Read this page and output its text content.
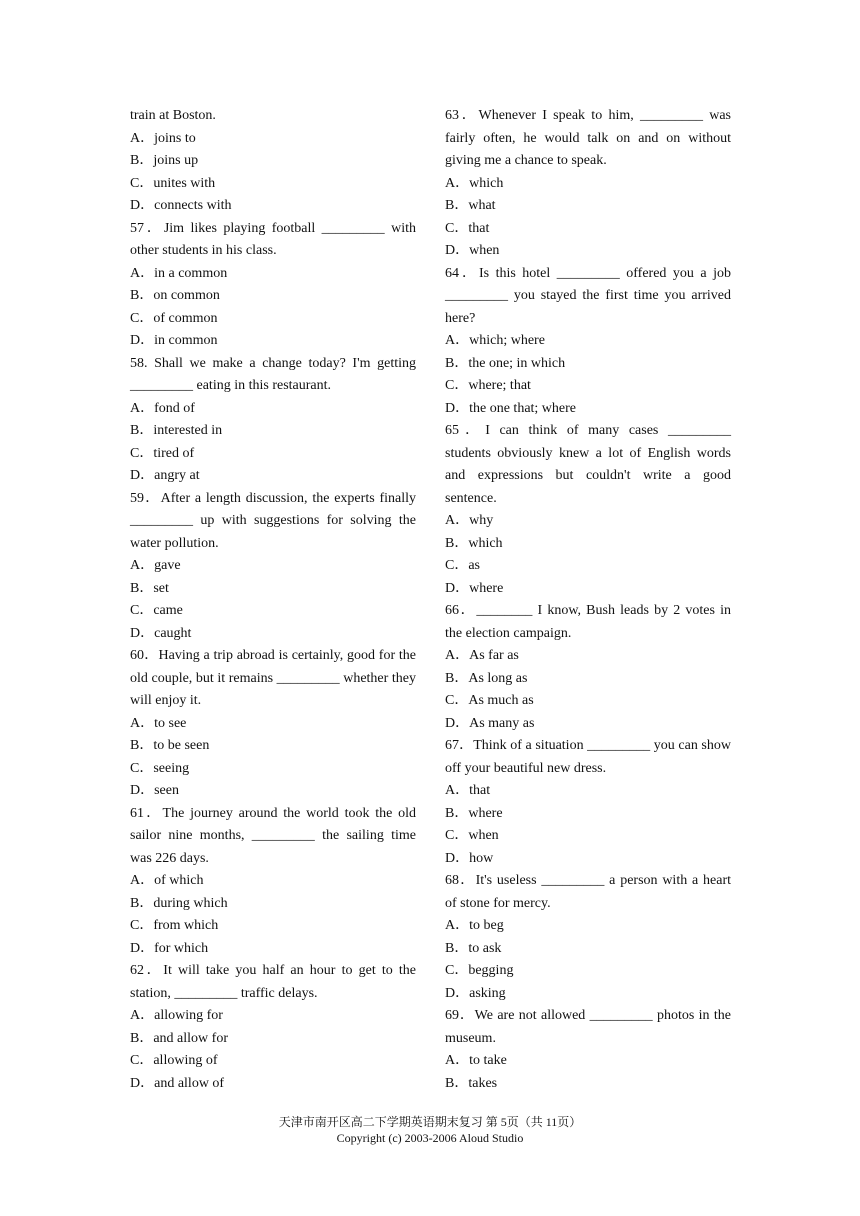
train at Boston.

A．joins to

B．joins up

C．unites with

D．connects with

57．Jim likes playing football _________ with other students in his class.

A．in a common

B．on common

C．of common

D．in common

58. Shall we make a change today? I'm getting _________ eating in this restaurant.

A．fond of

B．interested in

C．tired of

D．angry at

59．After a length discussion, the experts finally _________ up with suggestions for solving the water pollution.

A．gave

B．set

C．came

D．caught

60．Having a trip abroad is certainly, good for the old couple, but it remains _________ whether they will enjoy it.

A．to see

B．to be seen

C．seeing

D．seen

61．The journey around the world took the old sailor nine months, _________ the sailing time was 226 days.

A．of which

B．during which

C．from which

D．for which

62．It will take you half an hour to get to the station, _________ traffic delays.

A．allowing for

B．and allow for

C．allowing of

D．and allow of

63．Whenever I speak to him, _________ was fairly often, he would talk on and on without giving me a chance to speak.

A．which

B．what

C．that

D．when

64．Is this hotel _________ offered you a job _________ you stayed the first time you arrived here?

A．which; where

B．the one; in which

C．where; that

D．the one that; where

65．I can think of many cases _________ students obviously knew a lot of English words and expressions but couldn't write a good sentence.

A．why

B．which

C．as

D．where

66．________ I know, Bush leads by 2 votes in the election campaign.

A．As far as

B．As long as

C．As much as

D．As many as

67．Think of a situation _________ you can show off your beautiful new dress.

A．that

B．where

C．when

D．how

68．It's useless _________ a person with a heart of stone for mercy.

A．to beg

B．to ask

C．begging

D．asking

69．We are not allowed _________ photos in the museum.

A．to take

B．takes

天津市南开区高二下学期英语期末复习 第 5页（共 11页）
Copyright (c) 2003-2006 Aloud Studio
